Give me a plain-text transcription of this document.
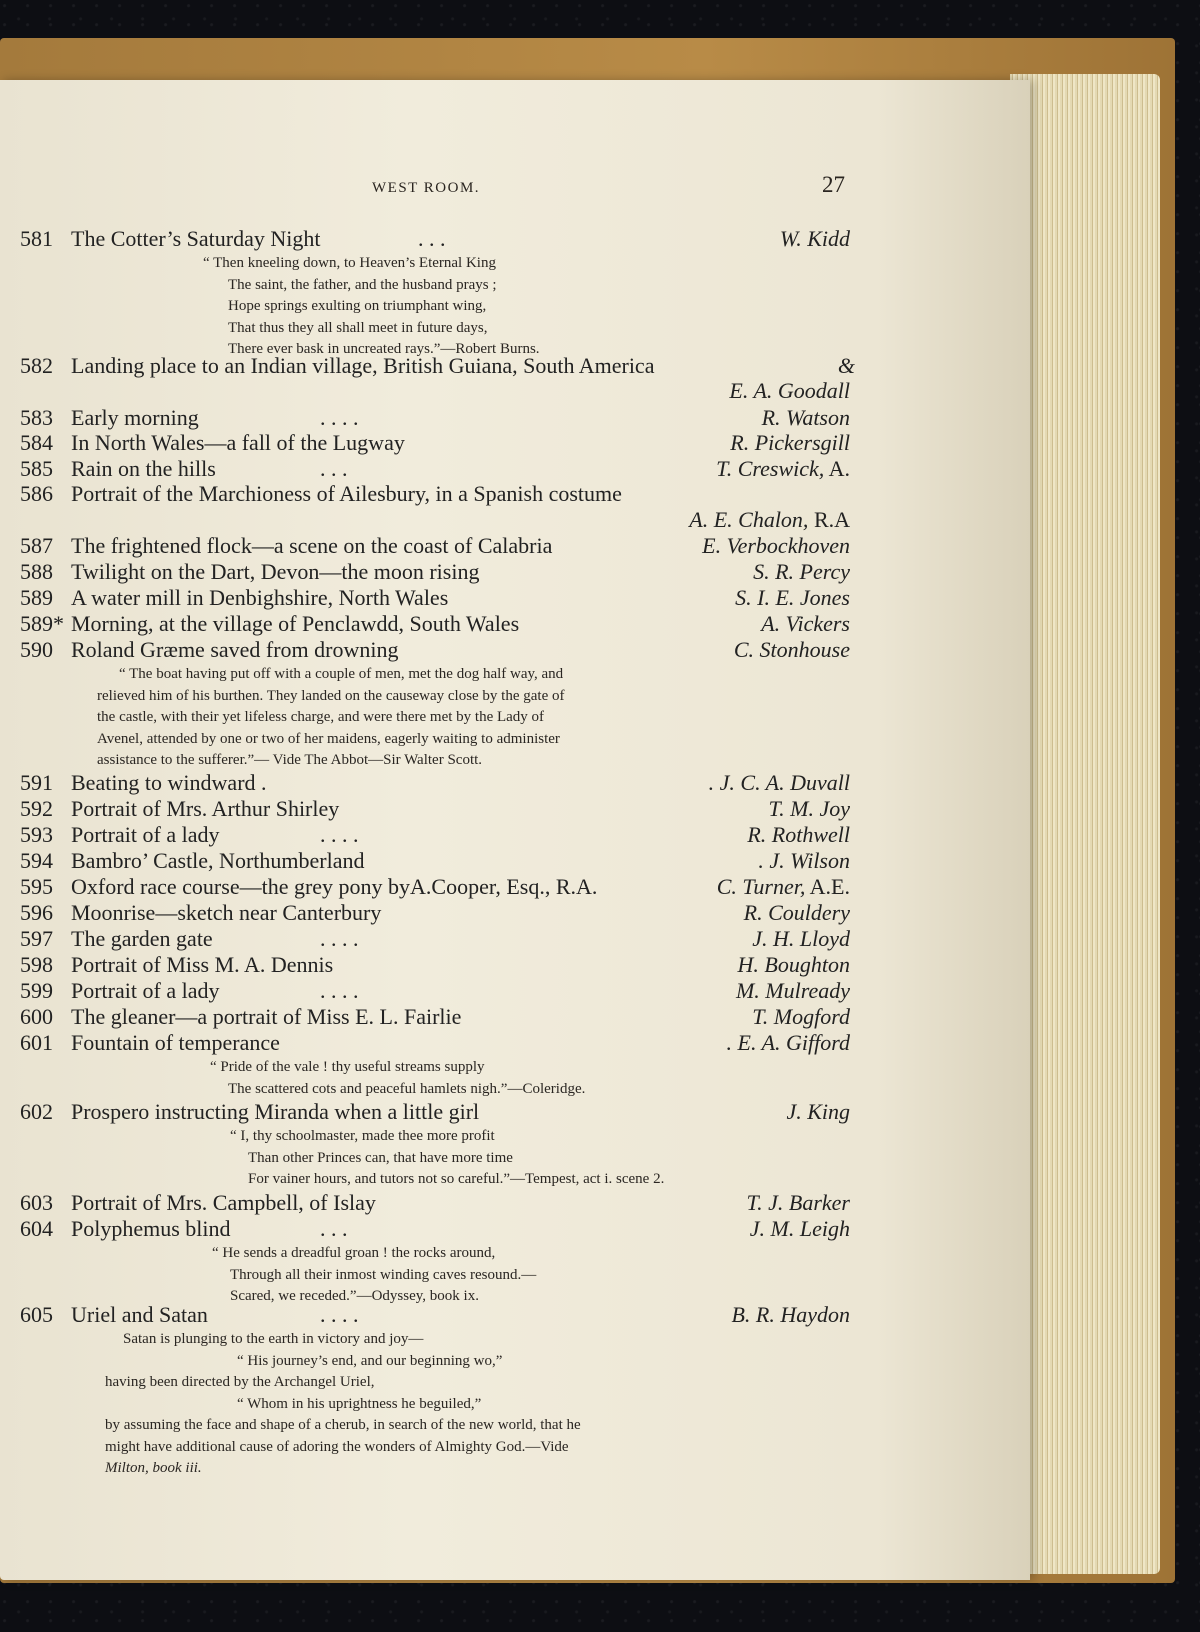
WEST ROOM.	27
581 The Cotter’s Saturday Night	. . .	W. Kidd
“ Then kneeling down, to Heaven’s Eternal King
The saint, the father, and the husband prays ;
Hope springs exulting on triumphant wing,
That thus they all shall meet in future days,
There ever bask in uncreated rays.”—Robert Burns.
582 Landing place to an Indian village, British Guiana, South America	&
E. A. Goodall
583 Early morning	. . . .	R. Watson
584 In North Wales—a fall of the Lugway	R. Pickersgill
585 Rain on the hills	. . .	T. Creswick, A.
586 Portrait of the Marchioness of Ailesbury, in a Spanish costume
A. E. Chalon, R.A
587 The frightened flock—a scene on the coast of Calabria	E. Verbockhoven
588 Twilight on the Dart, Devon—the moon rising	S. R. Percy
589 A water mill in Denbighshire, North Wales	S. I. E. Jones
589* Morning, at the village of Penclawdd, South Wales	A. Vickers
590 Roland Græme saved from drowning	C. Stonhouse
“ The boat having put off with a couple of men, met the dog half way, and
relieved him of his burthen. They landed on the causeway close by the gate of
the castle, with their yet lifeless charge, and were there met by the Lady of
Avenel, attended by one or two of her maidens, eagerly waiting to administer
assistance to the sufferer.”— Vide The Abbot—Sir Walter Scott.
591 Beating to windward .	. J. C. A. Duvall
592 Portrait of Mrs. Arthur Shirley	T. M. Joy
593 Portrait of a lady	. . . .	R. Rothwell
594 Bambro’ Castle, Northumberland	. J. Wilson
595 Oxford race course—the grey pony byA.Cooper, Esq., R.A.	C. Turner, A.E.
596 Moonrise—sketch near Canterbury	R. Couldery
597 The garden gate	. . . .	J. H. Lloyd
598 Portrait of Miss M. A. Dennis	H. Boughton
599 Portrait of a lady	. . . .	M. Mulready
600 The gleaner—a portrait of Miss E. L. Fairlie	T. Mogford
601 Fountain of temperance	. E. A. Gifford
“ Pride of the vale ! thy useful streams supply
The scattered cots and peaceful hamlets nigh.”—Coleridge.
602 Prospero instructing Miranda when a little girl	J. King
“ I, thy schoolmaster, made thee more profit
Than other Princes can, that have more time
For vainer hours, and tutors not so careful.”—Tempest, act i. scene 2.
603 Portrait of Mrs. Campbell, of Islay	T. J. Barker
604 Polyphemus blind	. . .	J. M. Leigh
“ He sends a dreadful groan ! the rocks around,
Through all their inmost winding caves resound.—
Scared, we receded.”—Odyssey, book ix.
605 Uriel and Satan	. . . .	B. R. Haydon
Satan is plunging to the earth in victory and joy—
“ His journey’s end, and our beginning wo,”
having been directed by the Archangel Uriel,
“ Whom in his uprightness he beguiled,”
by assuming the face and shape of a cherub, in search of the new world, that he
might have additional cause of adoring the wonders of Almighty God.—Vide
Milton, book iii.
